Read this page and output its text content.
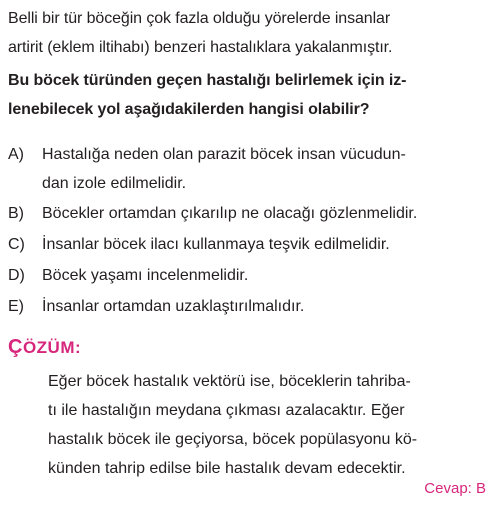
Belli bir tür böceğin çok fazla olduğu yörelerde insanlar
artirit (eklem iltihabı) benzeri hastalıklara yakalanmıştır.
Bu böcek türünden geçen hastalığı belirlemek için iz-
lenebilecek yol aşağıdakilerden hangisi olabilir?
A) Hastalığa neden olan parazit böcek insan vücudun-
dan izole edilmelidir.
B) Böcekler ortamdan çıkarılıp ne olacağı gözlenmelidir.
C) İnsanlar böcek ilacı kullanmaya teşvik edilmelidir.
D) Böcek yaşamı incelenmelidir.
E) İnsanlar ortamdan uzaklaştırılmalıdır.
ÇÖZÜM:
Eğer böcek hastalık vektörü ise, böceklerin tahriba-
tı ile hastalığın meydana çıkması azalacaktır. Eğer
hastalık böcek ile geçiyorsa, böcek popülasyonu kö-
künden tahrip edilse bile hastalık devam edecektir.
Cevap: B
